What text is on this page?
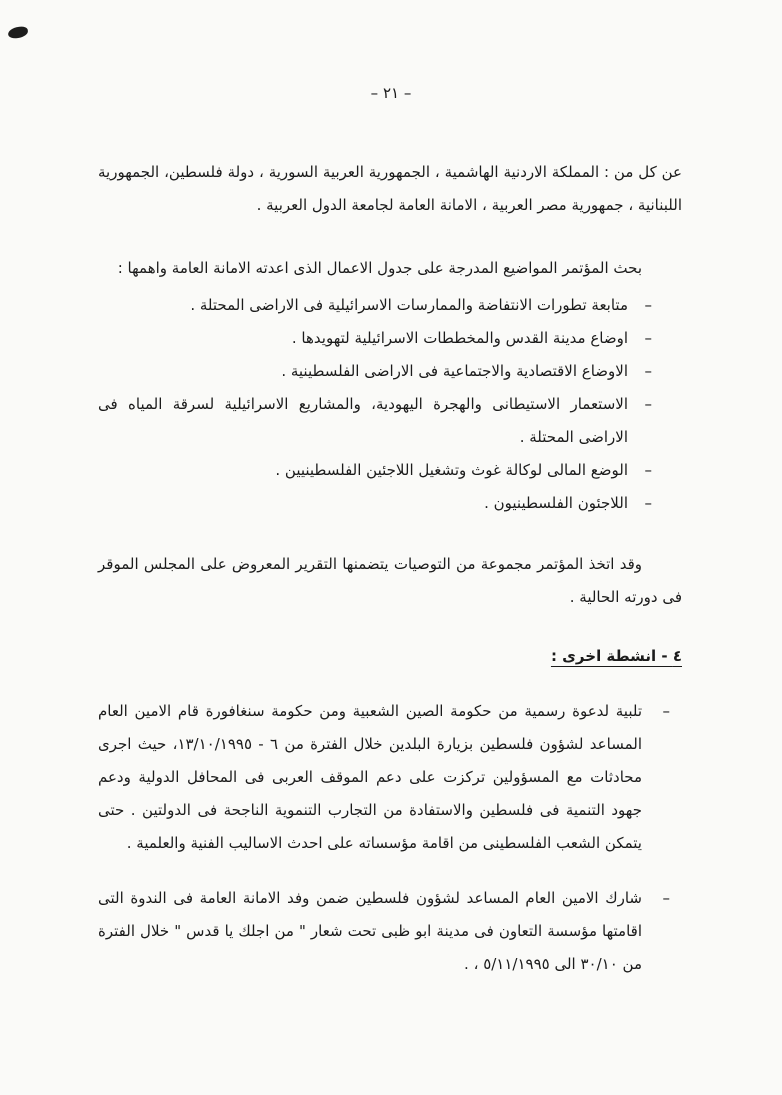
– ٢١ –

عن كل من : المملكة الاردنية الهاشمية ، الجمهورية العربية السورية ، دولة فلسطين، الجمهورية اللبنانية ، جمهورية مصر العربية ، الامانة العامة لجامعة الدول العربية .

بحث المؤتمر المواضيع المدرجة على جدول الاعمال الذى اعدته الامانة العامة واهمها :

–
متابعة تطورات الانتفاضة والممارسات الاسرائيلية فى الاراضى المحتلة .
–
اوضاع مدينة القدس والمخططات الاسرائيلية لتهويدها .
–
الاوضاع الاقتصادية والاجتماعية فى الاراضى الفلسطينية .
–
الاستعمار الاستيطانى والهجرة اليهودية، والمشاريع الاسرائيلية لسرقة المياه فى الاراضى المحتلة .
–
الوضع المالى لوكالة غوث وتشغيل اللاجئين الفلسطينيين .
–
اللاجئون الفلسطينيون .

وقد اتخذ المؤتمر مجموعة من التوصيات يتضمنها التقرير المعروض على المجلس الموقر فى دورته الحالية .

٤ - انشطة اخرى :
–
تلبية لدعوة رسمية من حكومة الصين الشعبية ومن حكومة سنغافورة قام الامين العام المساعد لشؤون فلسطين بزيارة البلدين خلال الفترة من ٦ - ١٣/١٠/١٩٩٥، حيث اجرى محادثات مع المسؤولين تركزت على دعم الموقف العربى فى المحافل الدولية ودعم جهود التنمية فى فلسطين والاستفادة من التجارب التنموية الناجحة فى الدولتين . حتى يتمكن الشعب الفلسطينى من اقامة مؤسساته على احدث الاساليب الفنية والعلمية .
–
شارك الامين العام المساعد لشؤون فلسطين ضمن وفد الامانة العامة فى الندوة التى اقامتها مؤسسة التعاون فى مدينة ابو ظبى تحت شعار " من اجلك يا قدس " خلال الفترة من ٣٠/١٠ الى ٥/١١/١٩٩٥ ، .
